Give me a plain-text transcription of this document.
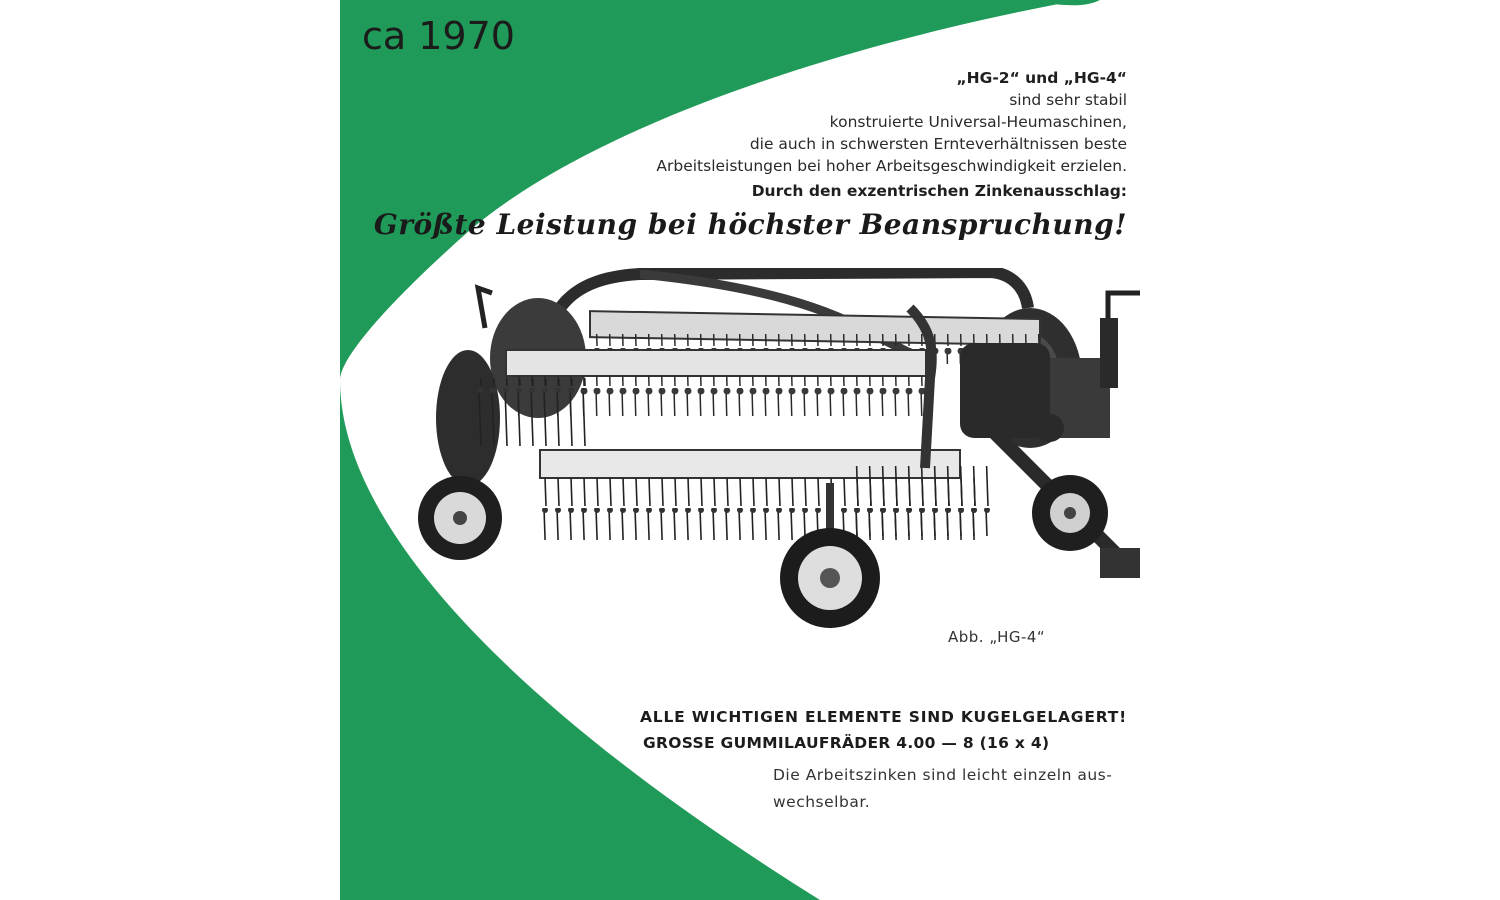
ca 1970
„HG-2“ und „HG-4“
sind sehr stabil
konstruierte Universal-Heumaschinen,
die auch in schwersten Ernteverhältnissen beste
Arbeitsleistungen bei hoher Arbeitsgeschwindigkeit erzielen.
Durch den exzentrischen Zinkenausschlag:
Größte Leistung bei höchster Beanspruchung!
Abb. „HG-4“
ALLE WICHTIGEN ELEMENTE SIND KUGELGELAGERT!
GROSSE GUMMILAUFRÄDER 4.00 — 8 (16 x 4)
Die Arbeitszinken sind leicht einzeln aus- wechselbar.
